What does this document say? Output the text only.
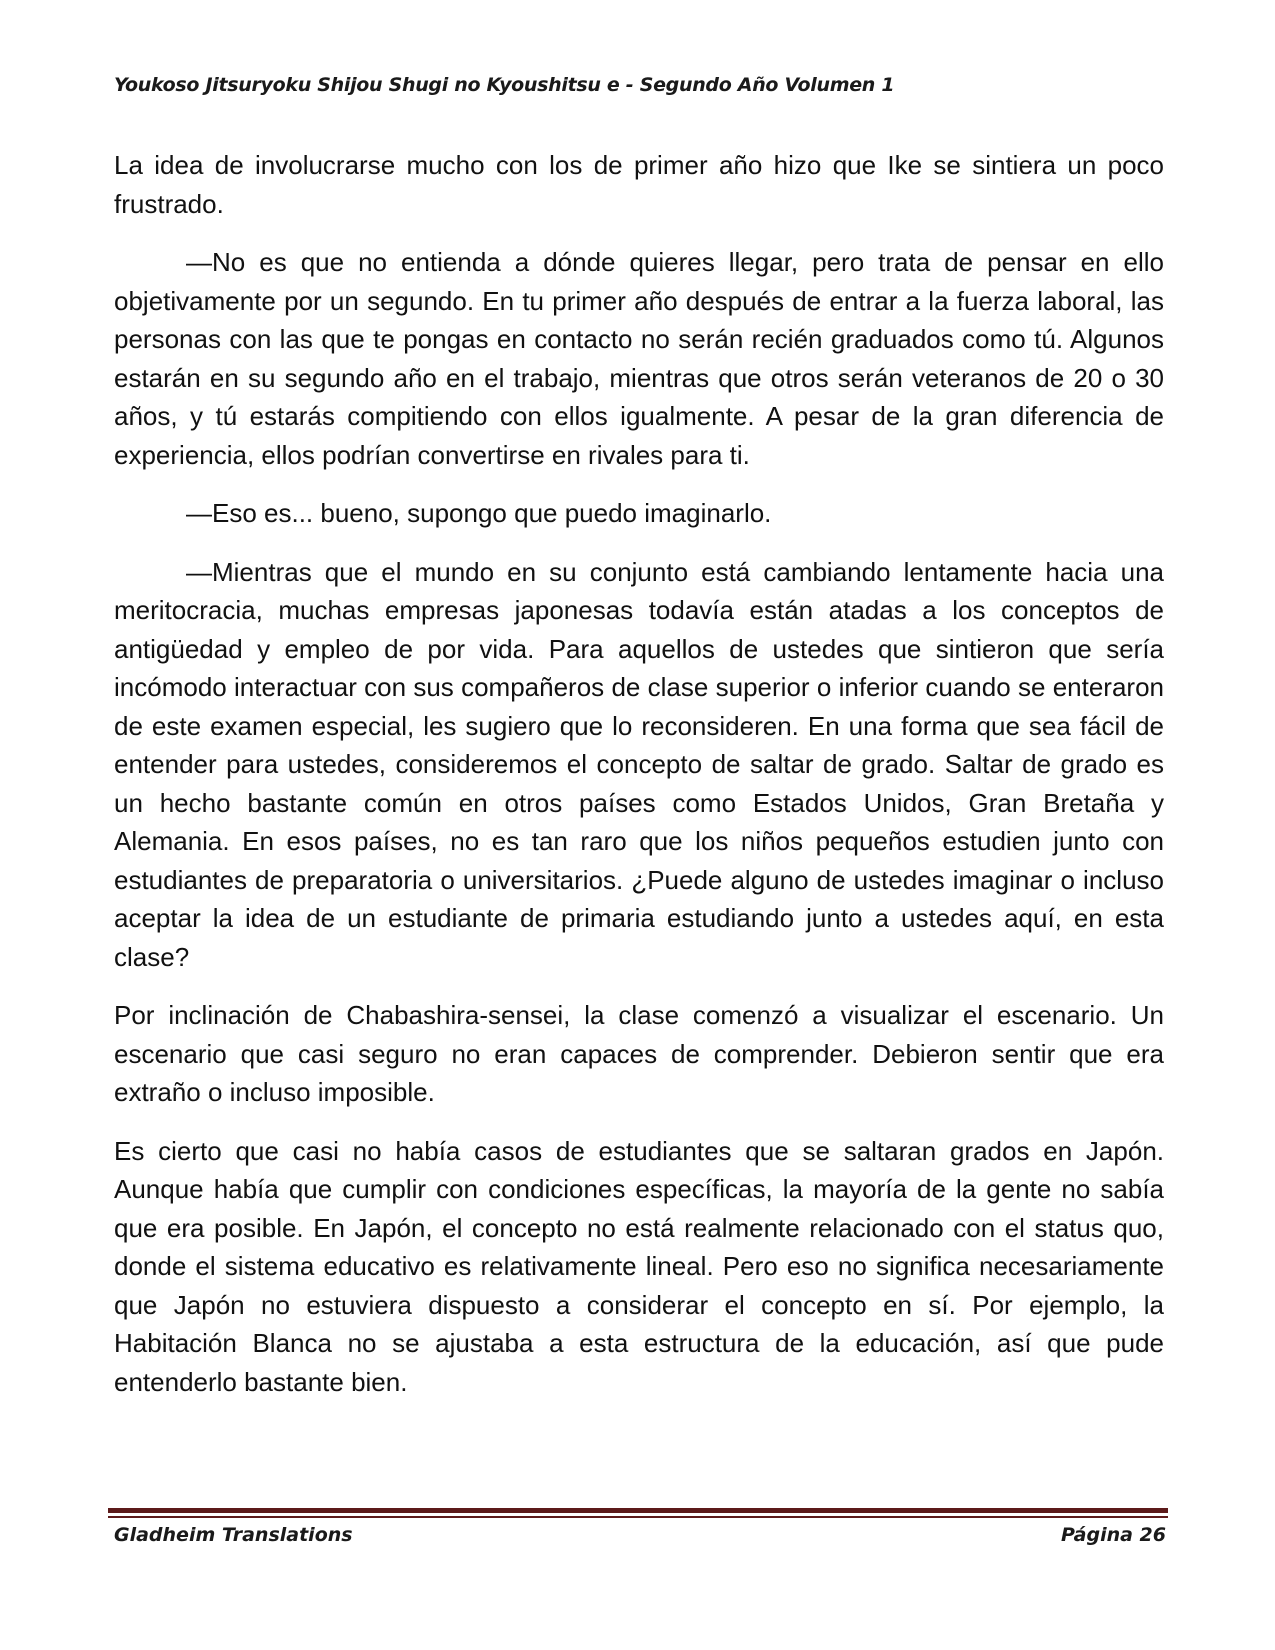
Youkoso Jitsuryoku Shijou Shugi no Kyoushitsu e - Segundo Año Volumen 1

La idea de involucrarse mucho con los de primer año hizo que Ike se sintiera un poco frustrado.

—No es que no entienda a dónde quieres llegar, pero trata de pensar en ello objetivamente por un segundo. En tu primer año después de entrar a la fuerza laboral, las personas con las que te pongas en contacto no serán recién graduados como tú. Algunos estarán en su segundo año en el trabajo, mientras que otros serán veteranos de 20 o 30 años, y tú estarás compitiendo con ellos igualmente. A pesar de la gran diferencia de experiencia, ellos podrían convertirse en rivales para ti.

—Eso es... bueno, supongo que puedo imaginarlo.

—Mientras que el mundo en su conjunto está cambiando lentamente hacia una meritocracia, muchas empresas japonesas todavía están atadas a los conceptos de antigüedad y empleo de por vida. Para aquellos de ustedes que sintieron que sería incómodo interactuar con sus compañeros de clase superior o inferior cuando se enteraron de este examen especial, les sugiero que lo reconsideren. En una forma que sea fácil de entender para ustedes, consideremos el concepto de saltar de grado. Saltar de grado es un hecho bastante común en otros países como Estados Unidos, Gran Bretaña y Alemania. En esos países, no es tan raro que los niños pequeños estudien junto con estudiantes de preparatoria o universitarios. ¿Puede alguno de ustedes imaginar o incluso aceptar la idea de un estudiante de primaria estudiando junto a ustedes aquí, en esta clase?

Por inclinación de Chabashira-sensei, la clase comenzó a visualizar el escenario. Un escenario que casi seguro no eran capaces de comprender. Debieron sentir que era extraño o incluso imposible.

Es cierto que casi no había casos de estudiantes que se saltaran grados en Japón. Aunque había que cumplir con condiciones específicas, la mayoría de la gente no sabía que era posible. En Japón, el concepto no está realmente relacionado con el status quo, donde el sistema educativo es relativamente lineal. Pero eso no significa necesariamente que Japón no estuviera dispuesto a considerar el concepto en sí. Por ejemplo, la Habitación Blanca no se ajustaba a esta estructura de la educación, así que pude entenderlo bastante bien.

Gladheim Translations	Página 26
